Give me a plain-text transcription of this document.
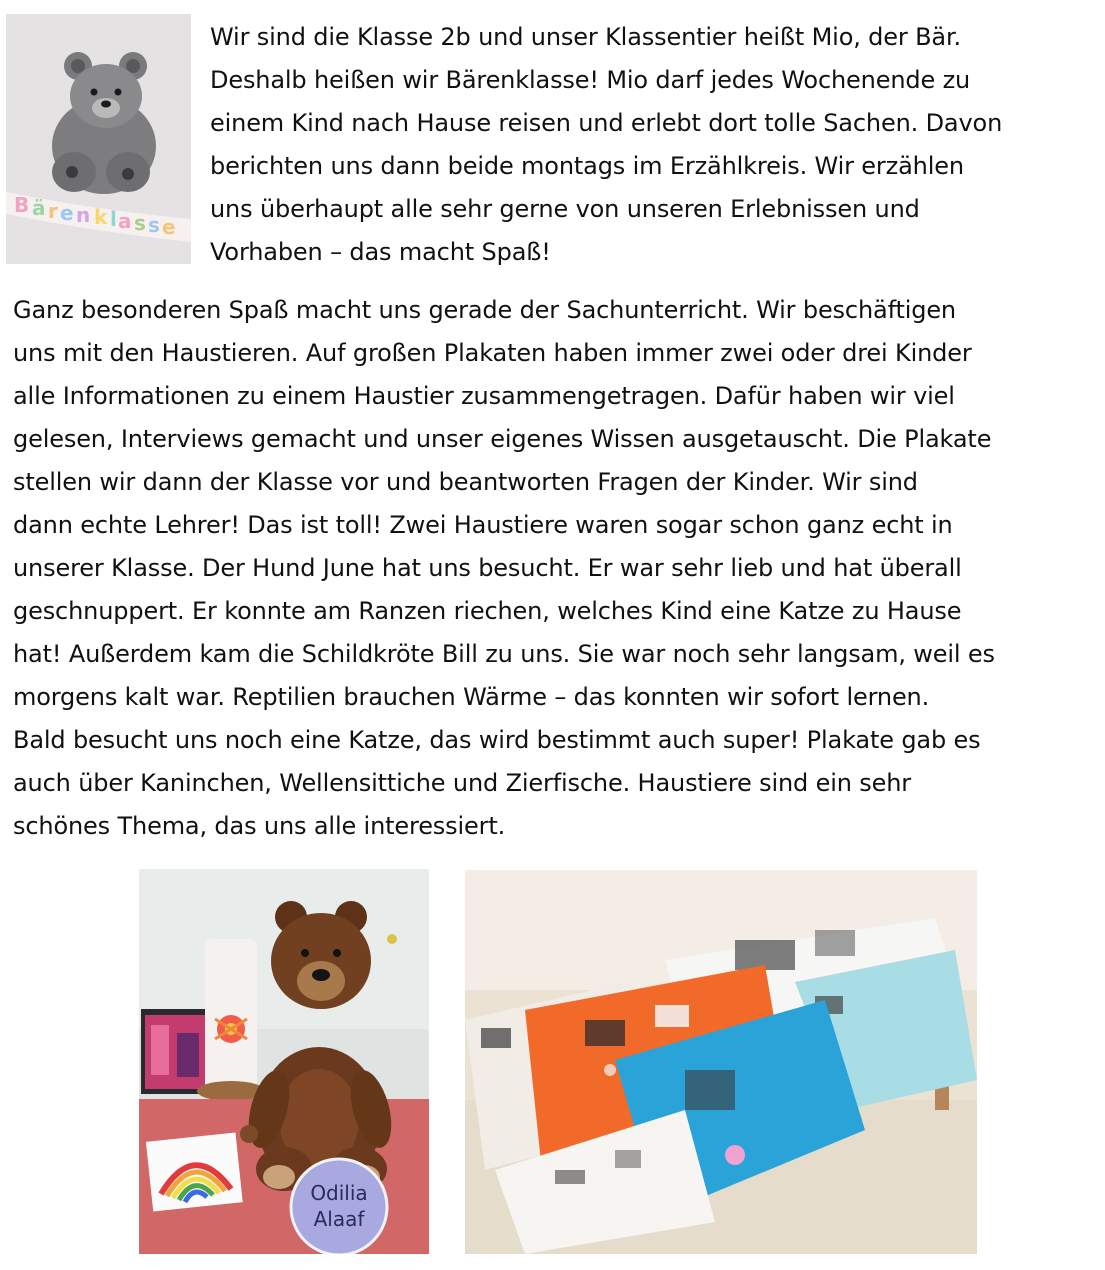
B ä r e n k l a s s e

Wir sind die Klasse 2b und unser Klassentier heißt Mio, der Bär.
Deshalb heißen wir Bärenklasse! Mio darf jedes Wochenende zu
einem Kind nach Hause reisen und erlebt dort tolle Sachen. Davon
berichten uns dann beide montags im Erzählkreis. Wir erzählen
uns überhaupt alle sehr gerne von unseren Erlebnissen und
Vorhaben – das macht Spaß!

Ganz besonderen Spaß macht uns gerade der Sachunterricht. Wir beschäftigen
uns mit den Haustieren. Auf großen Plakaten haben immer zwei oder drei Kinder
alle Informationen zu einem Haustier zusammengetragen. Dafür haben wir viel
gelesen, Interviews gemacht und unser eigenes Wissen ausgetauscht. Die Plakate
stellen wir dann der Klasse vor und beantworten Fragen der Kinder. Wir sind
dann echte Lehrer! Das ist toll! Zwei Haustiere waren sogar schon ganz echt in
unserer Klasse. Der Hund June hat uns besucht. Er war sehr lieb und hat überall
geschnuppert. Er konnte am Ranzen riechen, welches Kind eine Katze zu Hause
hat! Außerdem kam die Schildkröte Bill zu uns. Sie war noch sehr langsam, weil es
morgens kalt war. Reptilien brauchen Wärme – das konnten wir sofort lernen.
Bald besucht uns noch eine Katze, das wird bestimmt auch super! Plakate gab es
auch über Kaninchen, Wellensittiche und Zierfische. Haustiere sind ein sehr
schönes Thema, das uns alle interessiert.

Odilia
Alaaf
